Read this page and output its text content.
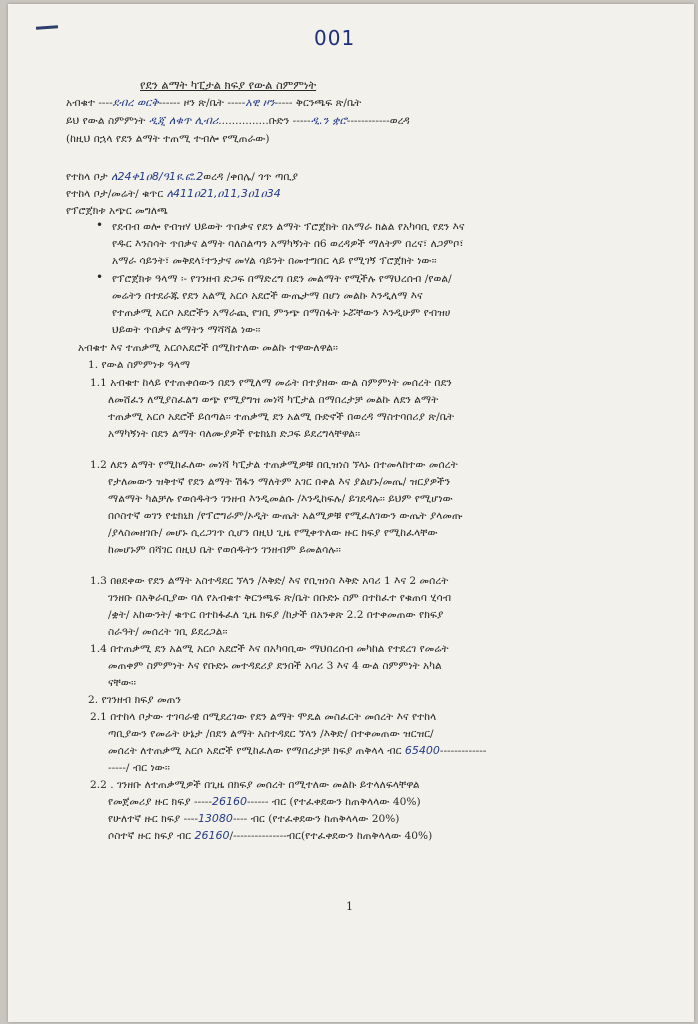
001
የደን ልማት ካፒታል ክፍያ የውል ስምምነት
አብቁተ ----ደብረ ወርቅ------ ዞን ጽ/ቤት -----አዊ ዞን----- ቅርንጫፍ ጽ/ቤት
ይህ የውል ስምምነት ዲጂ ለቁጥ ሊብሪ...............ቡድን -----ዲ.ን ቋሮ------------ወረዳ
(ከዚህ በኋላ የደን ልማት ተጠሚ ተብሎ የሚጠራው)
የተከላ ቦታ ለ24ቀ1ዐ8/ዓ1ዩ.ፎ.2ወረዳ /ቀበሌ/ ጎጥ ጣቢያ
የተከላ ቦታ/መሬት/ ቁጥር ለ411ዐ21,ዐ11,3ዐ1ዐ34
የፕሮጀክቱ አጭር መግለጫ
• የደብብ ወሎ የብዝሃ ህይወት ጥበቃና የደን ልማት ፕሮጀክት በአማራ ክልል የአካባቢ የደን እና
የዱር እንስሳት ጥበቃና ልማት ባለስልጣን አማካኝነት በ6 ወረዳዎች ማለትም በረና፣ ለጋምቦ፣
አማራ ሳይንት፣ መቅደላ፣ተንታና መሃል ሳይንት በመተግበር ላይ የሚገኝ ፕሮጀክት ነው፡፡
• የፕሮጀክቱ ዓላማ ፡- የገንዘብ ድጋፍ በማድረግ በደን መልማት የሚችሉ የማህረሰብ /የወል/
መሬትን በተደራጁ የደን አልሚ አርሶ አደሮች ውጤታማ በሆነ መልኩ እንዲለማ እና
የተጠቃሚ አርሶ አደሮችን አማራጪ የገቢ ምንጭ በማስፋት ኑሯቸውን እንዲሁም የብዝሀ
ህይወት ጥበቃና ልማትን ማሻሻል ነው፡፡
አብቁተ እና ተጠቃሚ አርሶአደሮች በሚከተለው መልኩ ተዋውለዋል፡፡
1. የውል ስምምነቱ ዓላማ
1.1 አብቁተ ከላይ የተጠቀሰውን በደን የሚለማ መሬት በተያዘው ውል ስምምነት መሰረት በደን
ለመሸፈን ለሚያስፈልግ ወጭ የሚያግዝ መነሻ ካፒታል በማበረታቻ መልኩ ለደን ልማት
ተጠቃሚ አርሶ አደሮች ይሰጣል፡፡ ተጠቃሚ ደን አልሚ ቡድኖች በወረዳ ማስተባበሪያ ጽ/ቤት
አማካኝነት በደን ልማት ባለሙያዎች የቴክኒክ ድጋፍ ይደረግላቸዋል፡፡
1.2 ለደን ልማት የሚከፈለው መነሻ ካፒታል ተጠቃሚዎቹ በቢዝነስ ኘላኑ በተመላከተው መሰረት
የታለመውን ዝቅተኛ የደን ልማት ሽፋን ማለትም አገር በቀል እና ያልሆኑ/መጤ/ ዝርያዎችን
ማልማት ካልቻሉ የወሰዱትን ገንዘብ እንዲመልሱ /እንዲከፍሉ/ ይገደዳሉ፡፡ ይህም የሚሆነው
በሶስተኛ ወገን የቴክኒክ /የፕሮግራም/ኦዲት ውጤት አልሚዎቹ የሚፈለገውን ውጤት ያላመጡ
/ያላስመዘገቡ/ መሆኑ ሲረጋገጥ ሲሆን በዚህ ጊዜ የሚቀጥለው ዙር ክፍያ የሚከፈላቸው
ከመሆኑም በሻገር በዚህ ቤት የወሰዱትን ገንዘብም ይመልሳሉ፡፡
1.3 በፀደቀው የደን ልማት አስተዳደር ኘላን /እቅድ/ እና የቢዝነስ እቅድ አባሪ 1 እና 2 መሰረት
ገንዘቡ በአቅራቢያው ባለ የአብቁተ ቅርንጫፍ ጽ/ቤት በቡድኑ ስም በተከፈተ የቁጠባ ሂሳብ
/ቋት/ አከውንት/ ቁጥር በተከፋፈለ ጊዜ ክፍያ /ከታች በአንቀጽ 2.2 በተቀመጠው የክፍያ
ስራዓት/ መሰረት ገቢ ይደረጋል፡፡
1.4 በተጠቃሚ ደን አልሚ አርሶ አደሮች እና በአካባቢው ማህበረሰብ መካከል የተደረገ የመሬት
መጠቀም ስምምነት እና የቡድኑ መተዳደሪያ ደንበች አባሪ 3 እና 4 ውል ስምምነት አካል
ናቸው፡፡
2. የገንዘብ ክፍያ መጠን
2.1 በተከላ ቦታው ተገባራዊ በሚደረገው የደን ልማት ሞዴል መስፈርት መሰረት እና የተከላ
ጣቢያውን የመሬት ሁኔታ /በደን ልማት አስተዳደር ኘላን /እቅድ/ በተቀመጠው ዝርዝር/
መሰረት ለተጠቃሚ አርሶ አደሮች የሚከፈለው የማበረታቻ ክፍያ ጠቅላላ ብር 65400-------------
-----/ ብር ነው፡፡
2.2 . ገንዘቡ ለተጠቃሚዎች በጊዜ በክፍያ መሰረት በሚተለው መልኩ ይተላለፍላቸዋል
የመጀመሪያ ዙር ክፍያ -----26160------ ብር (የተፈቀደውን ከጠቅላላው 40%)
የሁለተኛ ዙር ክፍያ ----13080---- ብር (የተፈቀደውን ከጠቅላላው 20%)
ሶስተኛ ዙር ክፍያ ብር 26160/---------------ብር(የተፈቀደውን ከጠቅላላው 40%)
1
